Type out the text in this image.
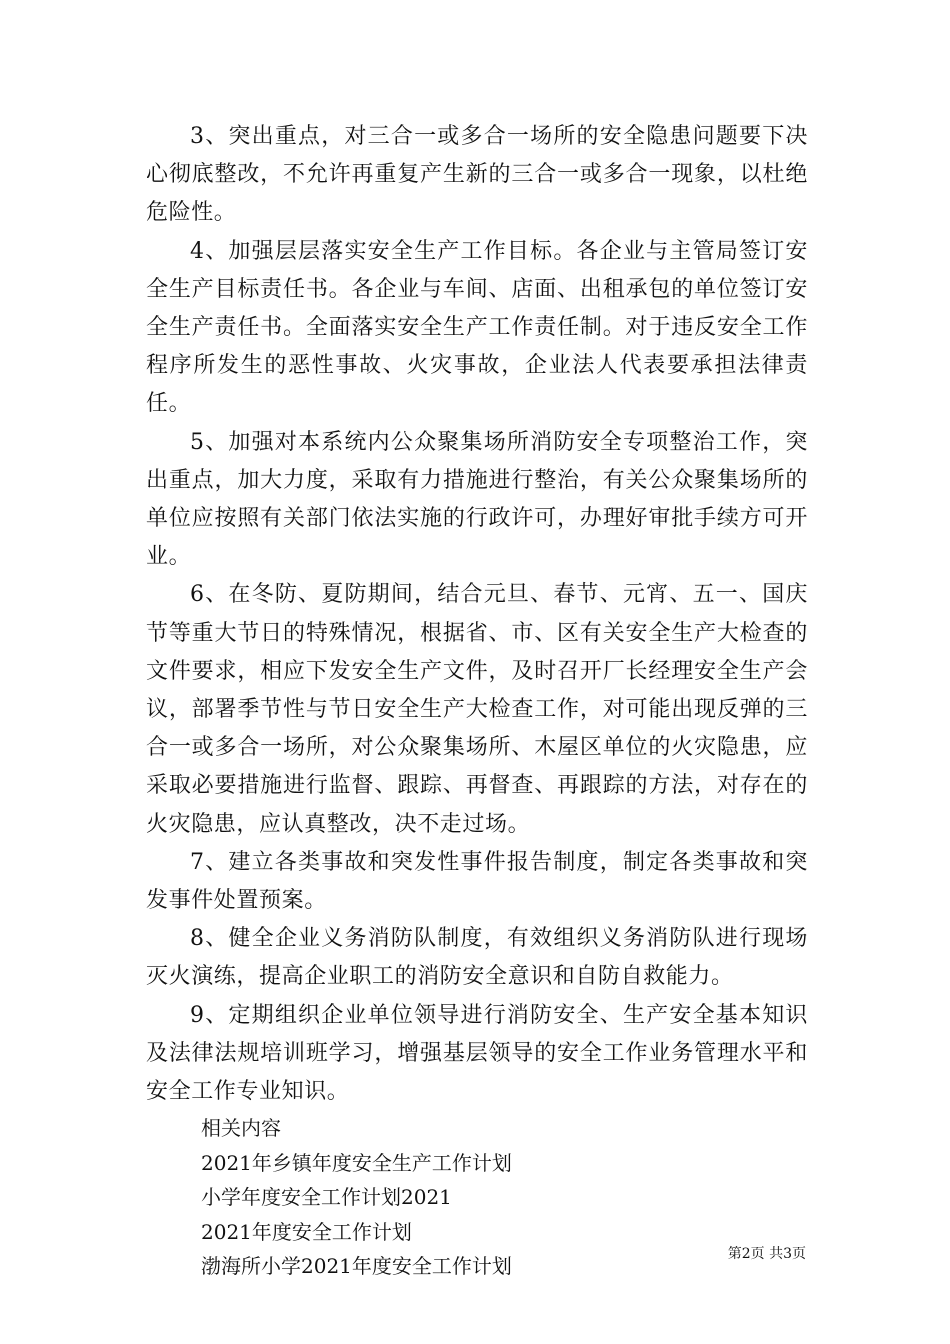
3、突出重点，对三合一或多合一场所的安全隐患问题要下决心彻底整改，不允许再重复产生新的三合一或多合一现象，以杜绝危险性。

4、加强层层落实安全生产工作目标。各企业与主管局签订安全生产目标责任书。各企业与车间、店面、出租承包的单位签订安全生产责任书。全面落实安全生产工作责任制。对于违反安全工作程序所发生的恶性事故、火灾事故，企业法人代表要承担法律责任。

5、加强对本系统内公众聚集场所消防安全专项整治工作，突出重点，加大力度，采取有力措施进行整治，有关公众聚集场所的单位应按照有关部门依法实施的行政许可，办理好审批手续方可开业。

6、在冬防、夏防期间，结合元旦、春节、元宵、五一、国庆节等重大节日的特殊情况，根据省、市、区有关安全生产大检查的文件要求，相应下发安全生产文件，及时召开厂长经理安全生产会议，部署季节性与节日安全生产大检查工作，对可能出现反弹的三合一或多合一场所，对公众聚集场所、木屋区单位的火灾隐患，应采取必要措施进行监督、跟踪、再督查、再跟踪的方法，对存在的火灾隐患，应认真整改，决不走过场。

7、建立各类事故和突发性事件报告制度，制定各类事故和突发事件处置预案。

8、健全企业义务消防队制度，有效组织义务消防队进行现场灭火演练，提高企业职工的消防安全意识和自防自救能力。

9、定期组织企业单位领导进行消防安全、生产安全基本知识及法律法规培训班学习，增强基层领导的安全工作业务管理水平和安全工作专业知识。

相关内容
2021年乡镇年度安全生产工作计划
小学年度安全工作计划2021
2021年度安全工作计划
渤海所小学2021年度安全工作计划
第2页 共3页
